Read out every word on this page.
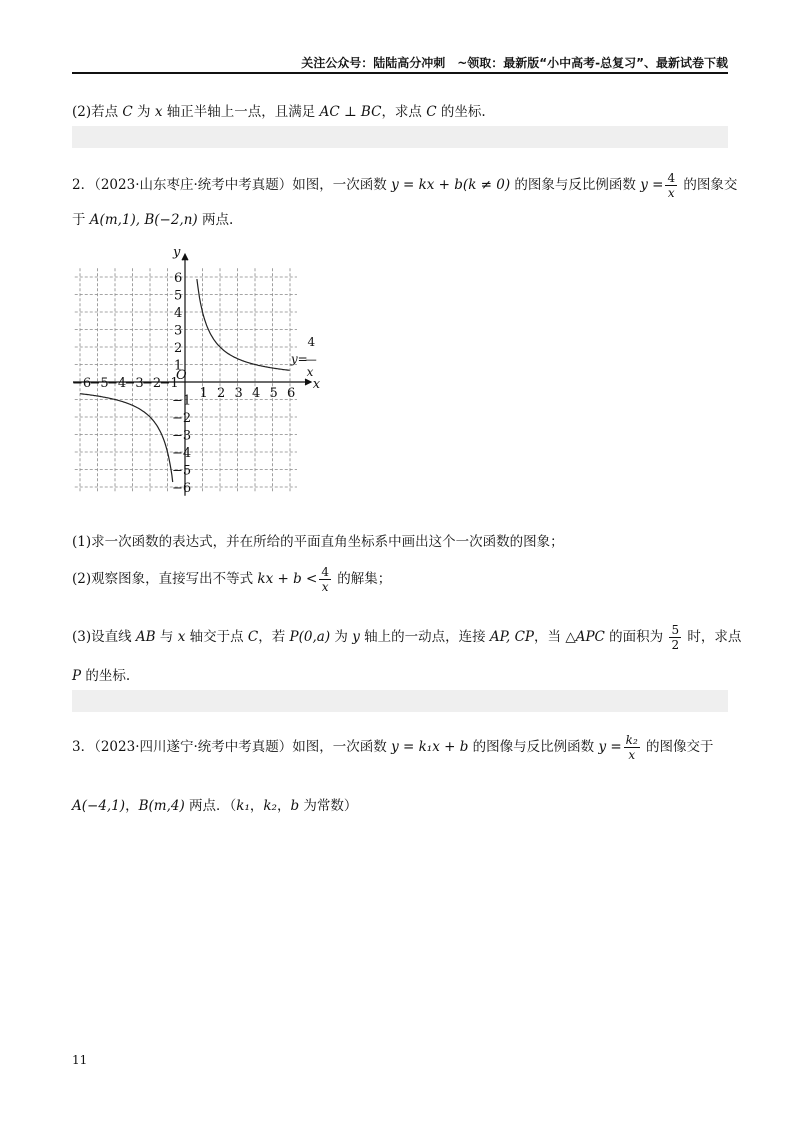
关注公众号：陆陆高分冲刺　~领取：最新版“小中高考-总复习”、最新试卷下载
(2)若点 C 为 x 轴正半轴上一点，且满足 AC ⊥ BC，求点 C 的坐标.
2．（2023·山东枣庄·统考中考真题）如图，一次函数 y = kx + b(k ≠ 0) 的图象与反比例函数 $y = \frac{4}{x}$ 的图象交
于 A(m,1), B(−2,n) 两点.
−6
−5
−4
−3
−2
−1
1 2 3 4 5 6
6
5
4
3
2
1
−1
−2
−3
−4
−5
−6
O
x
y
y=
4
x
(1)求一次函数的表达式，并在所给的平面直角坐标系中画出这个一次函数的图象；
(2)观察图象，直接写出不等式 kx + $b < \frac{4}{x}$ 的解集；
(3)设直线 AB 与 x 轴交于点 C，若 P(0,a) 为 y 轴上的一动点，连接 AP, CP，当 △APC 的面积为 $\frac{5}{2}$ 时，求点
P 的坐标.
3．（2023·四川遂宁·统考中考真题）如图，一次函数 y = k₁x + b 的图像与反比例函数 $y = \frac{\text{k₂}}{x}$ 的图像交于
A(−4,1)，B(m,4) 两点．（k₁，k₂，b 为常数）
11
